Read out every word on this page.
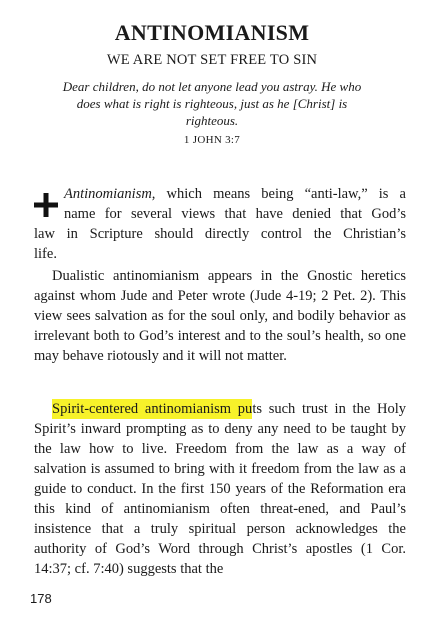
ANTINOMIANISM
WE ARE NOT SET FREE TO SIN
Dear children, do not let anyone lead you astray. He who does what is right is righteous, just as he [Christ] is righteous.
1 JOHN 3:7
Antinomianism, which means being “anti-law,” is a
name for several views that have denied that God’s
law in Scripture should directly control the Christian’s
life.
Dualistic antinomianism appears in the Gnostic heretics against whom Jude and Peter wrote (Jude 4-19; 2 Pet. 2). This view sees salvation as for the soul only, and bodily behavior as irrelevant both to God’s interest and to the soul’s health, so one may behave riotously and it will not matter.
Spirit-centered antinomianism puts such trust in the Holy Spirit’s inward prompting as to deny any need to be taught by the law how to live. Freedom from the law as a way of salvation is assumed to bring with it freedom from the law as a guide to conduct. In the first 150 years of the Reformation era this kind of antinomianism often threat-ened, and Paul’s insistence that a truly spiritual person acknowledges the authority of God’s Word through Christ’s apostles (1 Cor. 14:37; cf. 7:40) suggests that the
178
